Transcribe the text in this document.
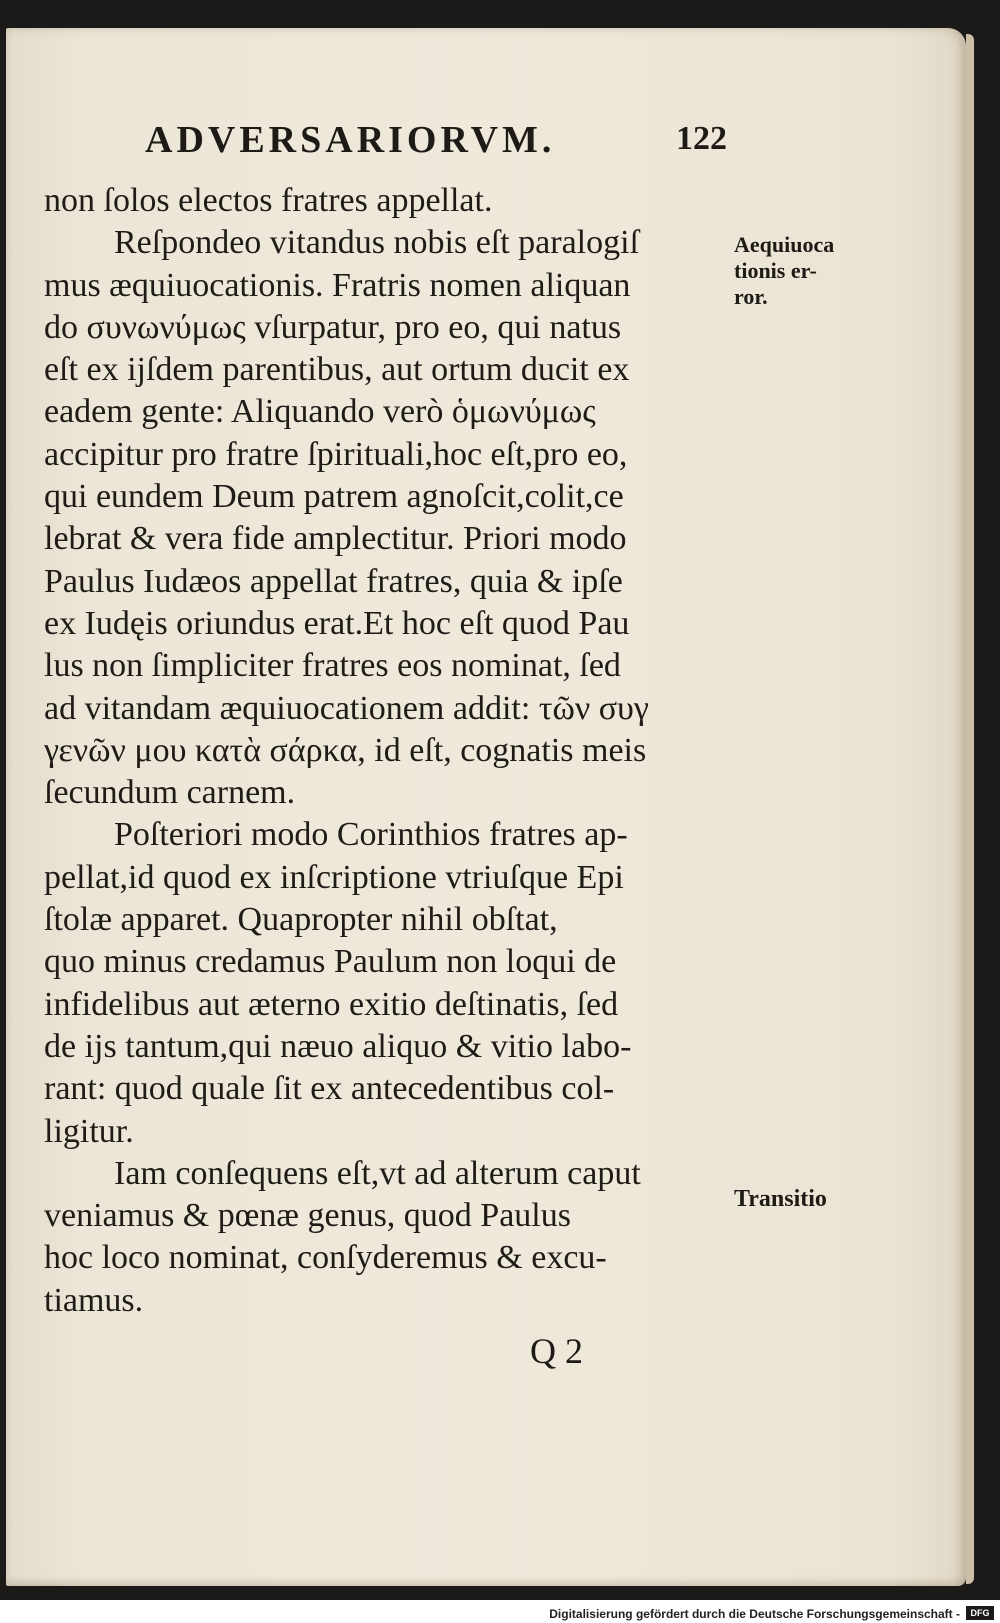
ADVERSARIORVM.	122
Aequiuoca
tionis er-
ror.
Transitio
non ſolos electos fratres appellat.
Reſpondeo vitandus nobis eſt paralogiſ
mus æquiuocationis. Fratris nomen aliquan
do συνωνύμως vſurpatur, pro eo, qui natus
eſt ex ijſdem parentibus, aut ortum ducit ex
eadem gente: Aliquando verò ὁμωνύμως
accipitur pro fratre ſpirituali,hoc eſt,pro eo,
qui eundem Deum patrem agnoſcit,colit,ce
lebrat & vera fide amplectitur. Priori modo
Paulus Iudæos appellat fratres, quia & ipſe
ex Iudęis oriundus erat.Et hoc eſt quod Pau
lus non ſimpliciter fratres eos nominat, ſed
ad vitandam æquiuocationem addit: τῶν συγ
γενῶν μου κατὰ σάρκα, id eſt, cognatis meis
ſecundum carnem.
Poſteriori modo Corinthios fratres ap-
pellat,id quod ex inſcriptione vtriuſque Epi
ſtolæ apparet. Quapropter nihil obſtat,
quo minus credamus Paulum non loqui de
infidelibus aut æterno exitio deſtinatis, ſed
de ijs tantum,qui næuo aliquo & vitio labo-
rant: quod quale ſit ex antecedentibus col-
ligitur.
Iam conſequens eſt,vt ad alterum caput
veniamus & pœnæ genus, quod Paulus
hoc loco nominat, conſyderemus & excu-
tiamus.
Q 2
Digitalisierung gefördert durch die Deutsche Forschungsgemeinschaft -	DFG
